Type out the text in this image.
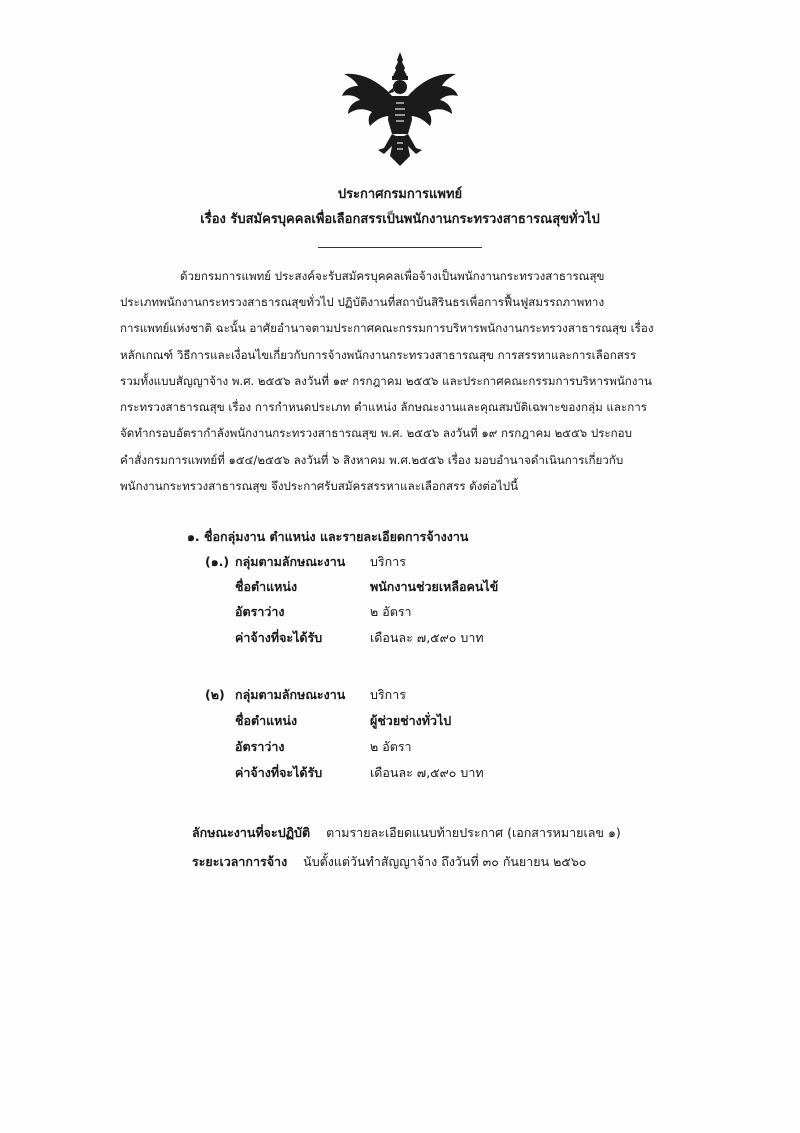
ประกาศกรมการแพทย์
เรื่อง รับสมัครบุคคลเพื่อเลือกสรรเป็นพนักงานกระทรวงสาธารณสุขทั่วไป
ด้วยกรมการแพทย์ ประสงค์จะรับสมัครบุคคลเพื่อจ้างเป็นพนักงานกระทรวงสาธารณสุข
ประเภทพนักงานกระทรวงสาธารณสุขทั่วไป ปฏิบัติงานที่สถาบันสิรินธรเพื่อการฟื้นฟูสมรรถภาพทาง
การแพทย์แห่งชาติ ฉะนั้น อาศัยอำนาจตามประกาศคณะกรรมการบริหารพนักงานกระทรวงสาธารณสุข เรื่อง
หลักเกณฑ์ วิธีการและเงื่อนไขเกี่ยวกับการจ้างพนักงานกระทรวงสาธารณสุข การสรรหาและการเลือกสรร
รวมทั้งแบบสัญญาจ้าง พ.ศ. ๒๕๕๖ ลงวันที่ ๑๙ กรกฎาคม ๒๕๕๖ และประกาศคณะกรรมการบริหารพนักงาน
กระทรวงสาธารณสุข เรื่อง การกำหนดประเภท ตำแหน่ง ลักษณะงานและคุณสมบัติเฉพาะของกลุ่ม และการ
จัดทำกรอบอัตรากำลังพนักงานกระทรวงสาธารณสุข พ.ศ. ๒๕๕๖ ลงวันที่ ๑๙ กรกฎาคม ๒๕๕๖ ประกอบ
คำสั่งกรมการแพทย์ที่ ๑๕๔/๒๕๕๖ ลงวันที่ ๖ สิงหาคม พ.ศ.๒๕๕๖ เรื่อง มอบอำนาจดำเนินการเกี่ยวกับ
พนักงานกระทรวงสาธารณสุข จึงประกาศรับสมัครสรรหาและเลือกสรร ดังต่อไปนี้
๑. ชื่อกลุ่มงาน ตำแหน่ง และรายละเอียดการจ้างงาน
(๑.) กลุ่มตามลักษณะงาน บริการ
ชื่อตำแหน่ง	พนักงานช่วยเหลือคนไข้
อัตราว่าง	๒ อัตรา
ค่าจ้างที่จะได้รับ	เดือนละ ๗,๕๙๐ บาท
(๒) กลุ่มตามลักษณะงาน บริการ
ชื่อตำแหน่ง	ผู้ช่วยช่างทั่วไป
อัตราว่าง	๒ อัตรา
ค่าจ้างที่จะได้รับ	เดือนละ ๗,๕๙๐ บาท
ลักษณะงานที่จะปฏิบัติ ตามรายละเอียดแนบท้ายประกาศ (เอกสารหมายเลข ๑)
ระยะเวลาการจ้าง นับตั้งแต่วันทำสัญญาจ้าง ถึงวันที่ ๓๐ กันยายน ๒๕๖๐
